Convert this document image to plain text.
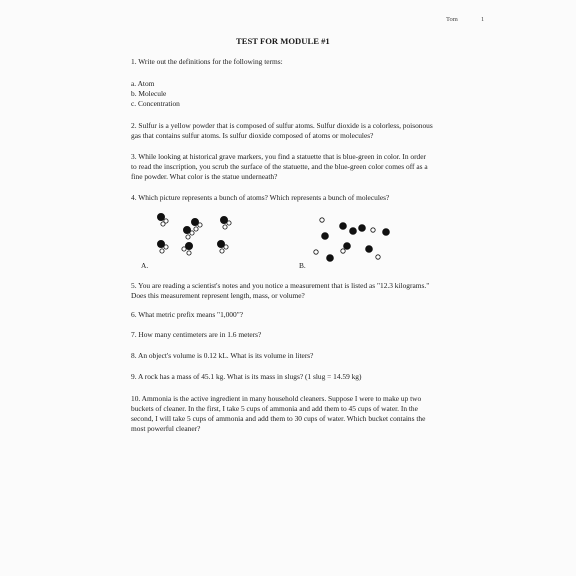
Tom	1
TEST FOR MODULE #1
1. Write out the definitions for the following terms:
a. Atom
b. Molecule
c. Concentration
2. Sulfur is a yellow powder that is composed of sulfur atoms. Sulfur dioxide is a colorless, poisonous
gas that contains sulfur atoms. Is sulfur dioxide composed of atoms or molecules?
3. While looking at historical grave markers, you find a statuette that is blue-green in color. In order
to read the inscription, you scrub the surface of the statuette, and the blue-green color comes off as a
fine powder. What color is the statue underneath?
4. Which picture represents a bunch of atoms? Which represents a bunch of molecules?
A.	B.
5. You are reading a scientist's notes and you notice a measurement that is listed as "12.3 kilograms."
Does this measurement represent length, mass, or volume?
6. What metric prefix means "1,000"?
7. How many centimeters are in 1.6 meters?
8. An object's volume is 0.12 kL. What is its volume in liters?
9. A rock has a mass of 45.1 kg. What is its mass in slugs? (1 slug = 14.59 kg)
10. Ammonia is the active ingredient in many household cleaners. Suppose I were to make up two
buckets of cleaner. In the first, I take 5 cups of ammonia and add them to 45 cups of water. In the
second, I will take 5 cups of ammonia and add them to 30 cups of water. Which bucket contains the
most powerful cleaner?
